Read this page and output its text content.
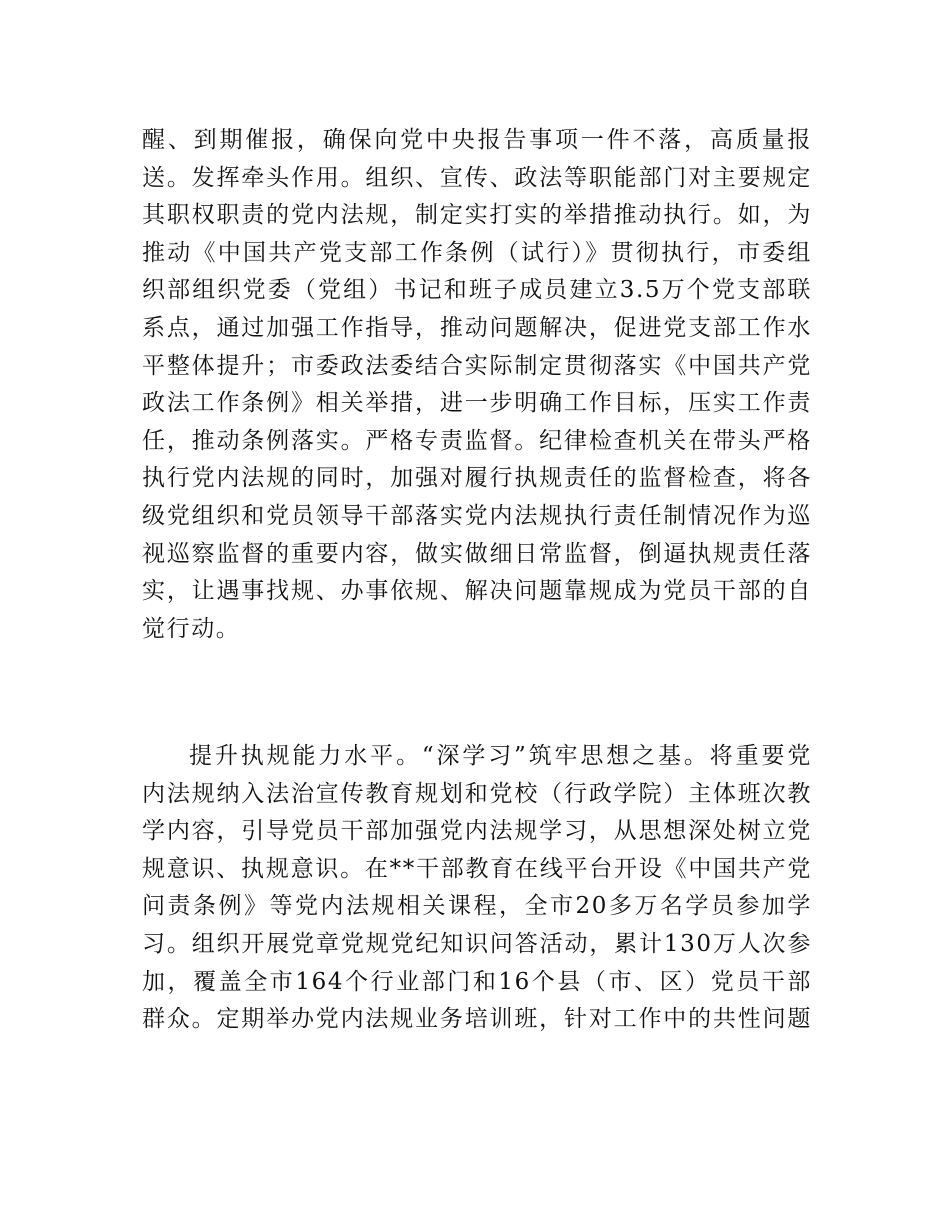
醒、到期催报，确保向党中央报告事项一件不落，高质量报
送。发挥牵头作用。组织、宣传、政法等职能部门对主要规定
其职权职责的党内法规，制定实打实的举措推动执行。如，为
推动《中国共产党支部工作条例（试行）》贯彻执行，市委组
织部组织党委（党组）书记和班子成员建立3.5万个党支部联
系点，通过加强工作指导，推动问题解决，促进党支部工作水
平整体提升；市委政法委结合实际制定贯彻落实《中国共产党
政法工作条例》相关举措，进一步明确工作目标，压实工作责
任，推动条例落实。严格专责监督。纪律检查机关在带头严格
执行党内法规的同时，加强对履行执规责任的监督检查，将各
级党组织和党员领导干部落实党内法规执行责任制情况作为巡
视巡察监督的重要内容，做实做细日常监督，倒逼执规责任落
实，让遇事找规、办事依规、解决问题靠规成为党员干部的自
觉行动。
提升执规能力水平。“深学习”筑牢思想之基。将重要党
内法规纳入法治宣传教育规划和党校（行政学院）主体班次教
学内容，引导党员干部加强党内法规学习，从思想深处树立党
规意识、执规意识。在**干部教育在线平台开设《中国共产党
问责条例》等党内法规相关课程，全市20多万名学员参加学
习。组织开展党章党规党纪知识问答活动，累计130万人次参
加，覆盖全市164个行业部门和16个县（市、区）党员干部
群众。定期举办党内法规业务培训班，针对工作中的共性问题
